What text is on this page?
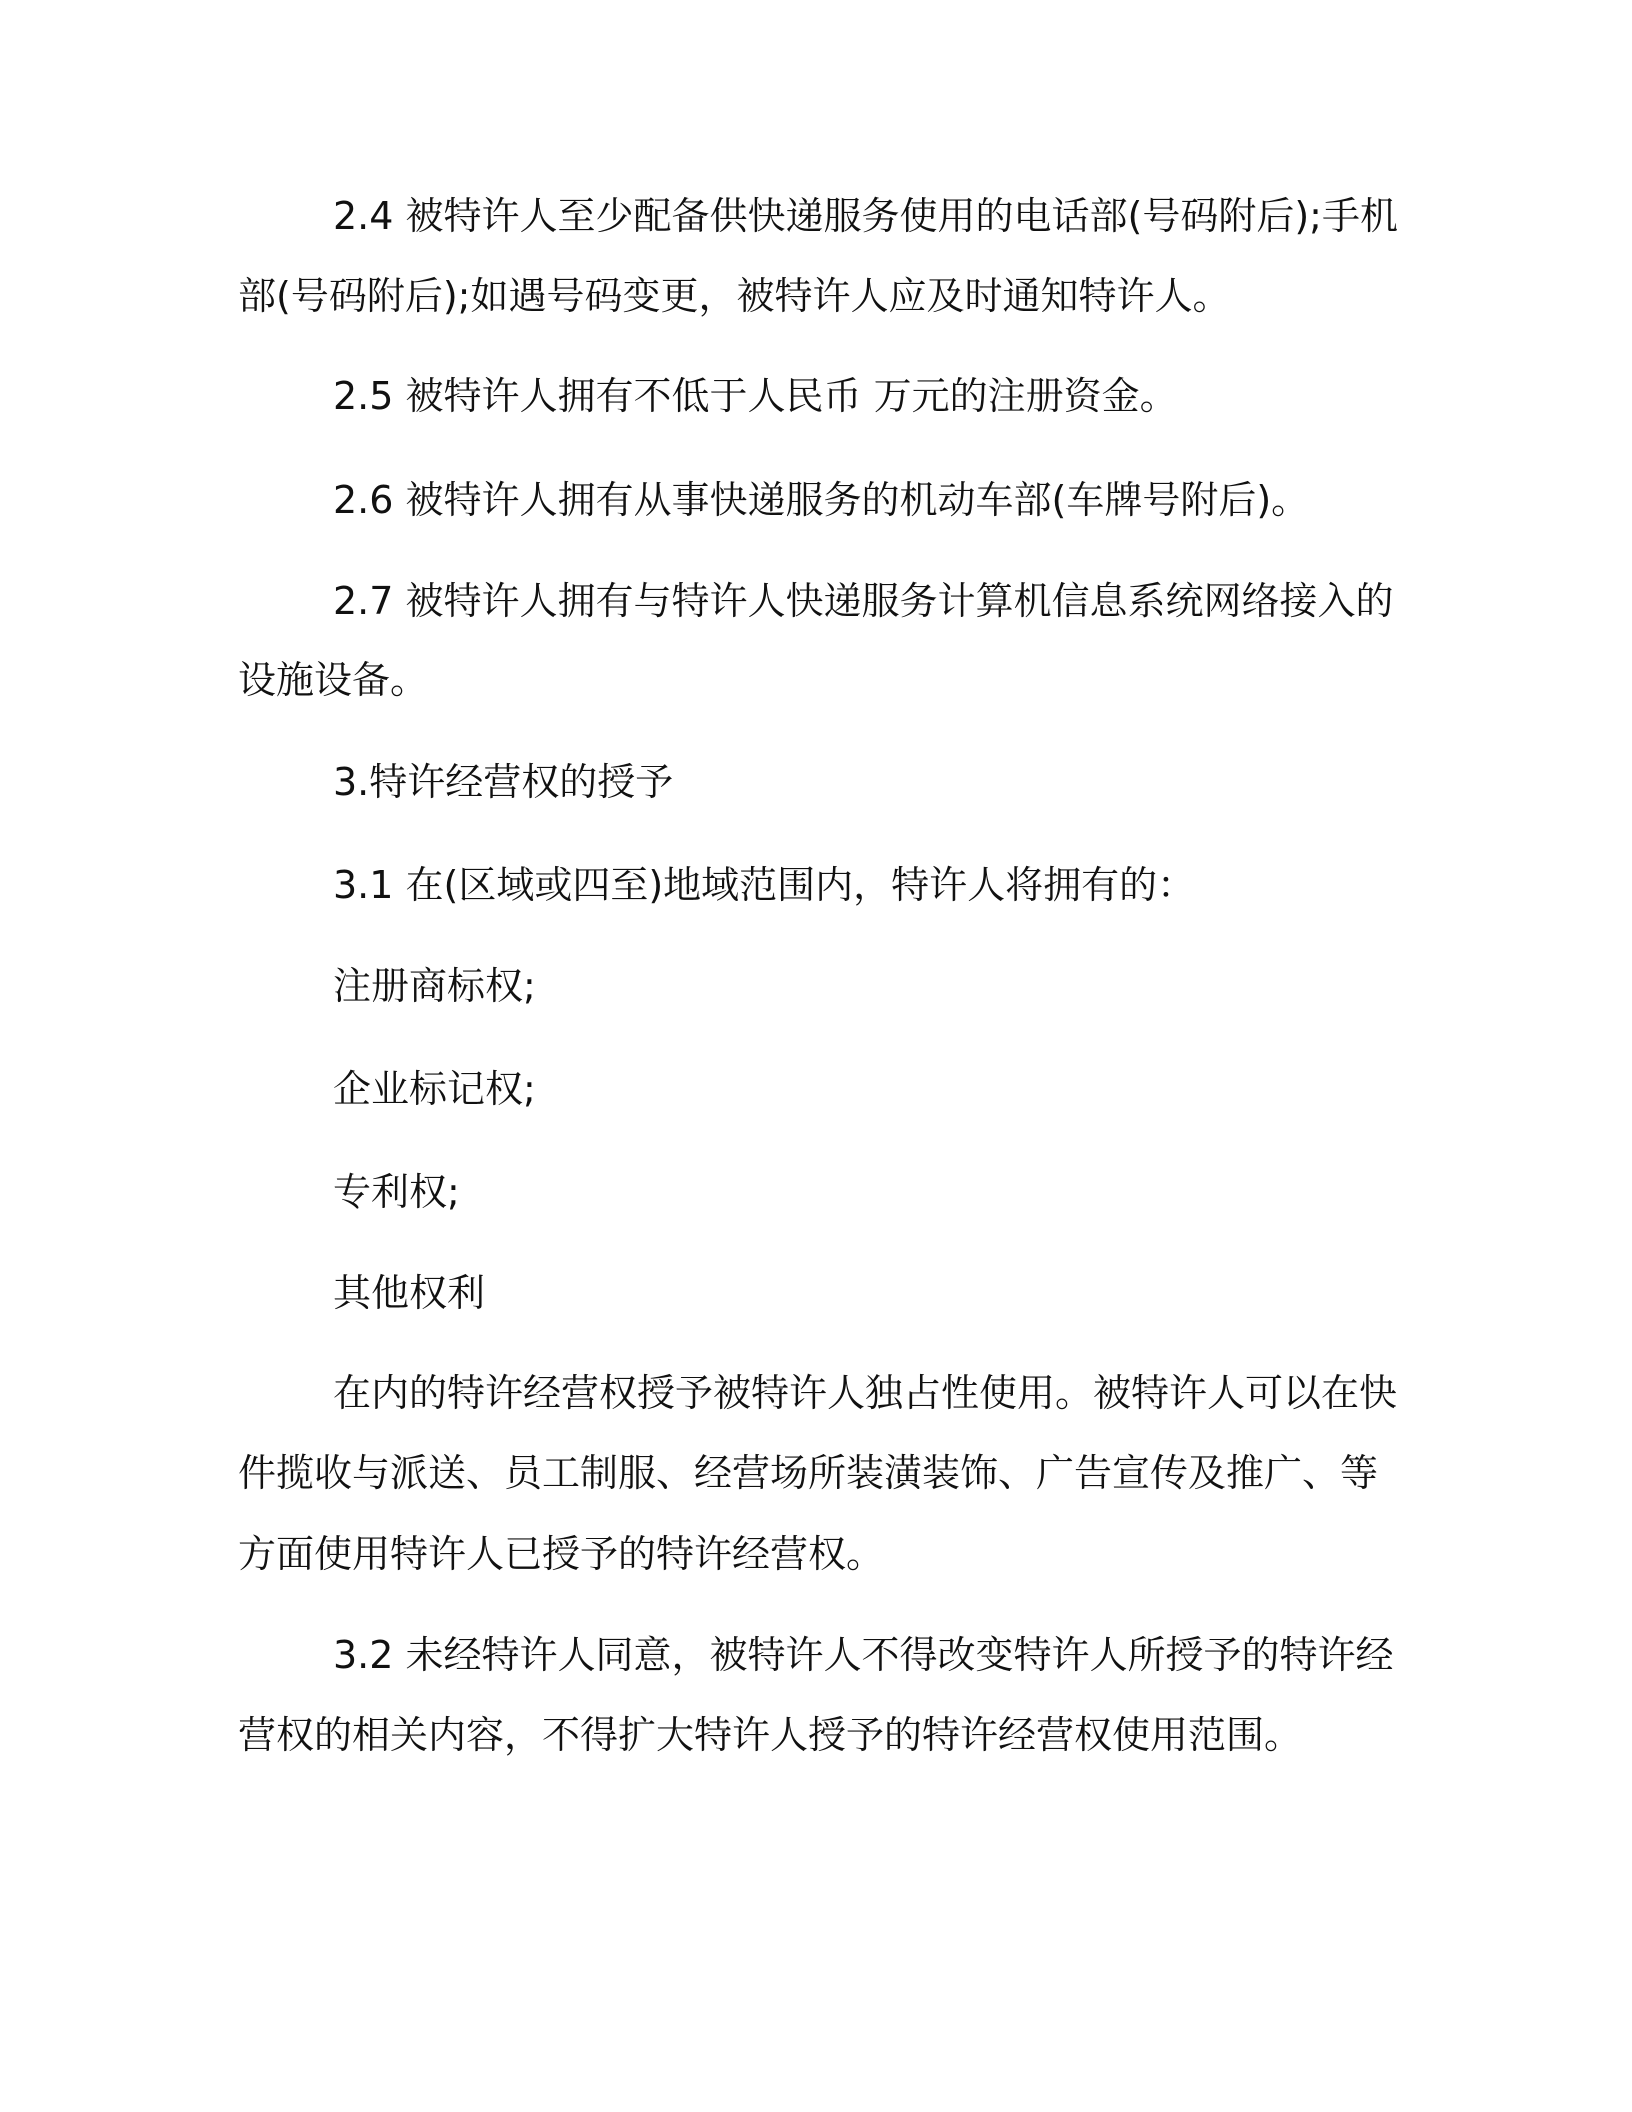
2.4 被特许人至少配备供快递服务使用的电话部(号码附后);手机
部(号码附后);如遇号码变更，被特许人应及时通知特许人。
2.5 被特许人拥有不低于人民币 万元的注册资金。
2.6 被特许人拥有从事快递服务的机动车部(车牌号附后)。
2.7 被特许人拥有与特许人快递服务计算机信息系统网络接入的
设施设备。
3.特许经营权的授予
3.1 在(区域或四至)地域范围内，特许人将拥有的：
注册商标权;
企业标记权;
专利权;
其他权利
在内的特许经营权授予被特许人独占性使用。被特许人可以在快
件揽收与派送、员工制服、经营场所装潢装饰、广告宣传及推广、等
方面使用特许人已授予的特许经营权。
3.2 未经特许人同意，被特许人不得改变特许人所授予的特许经
营权的相关内容，不得扩大特许人授予的特许经营权使用范围。
